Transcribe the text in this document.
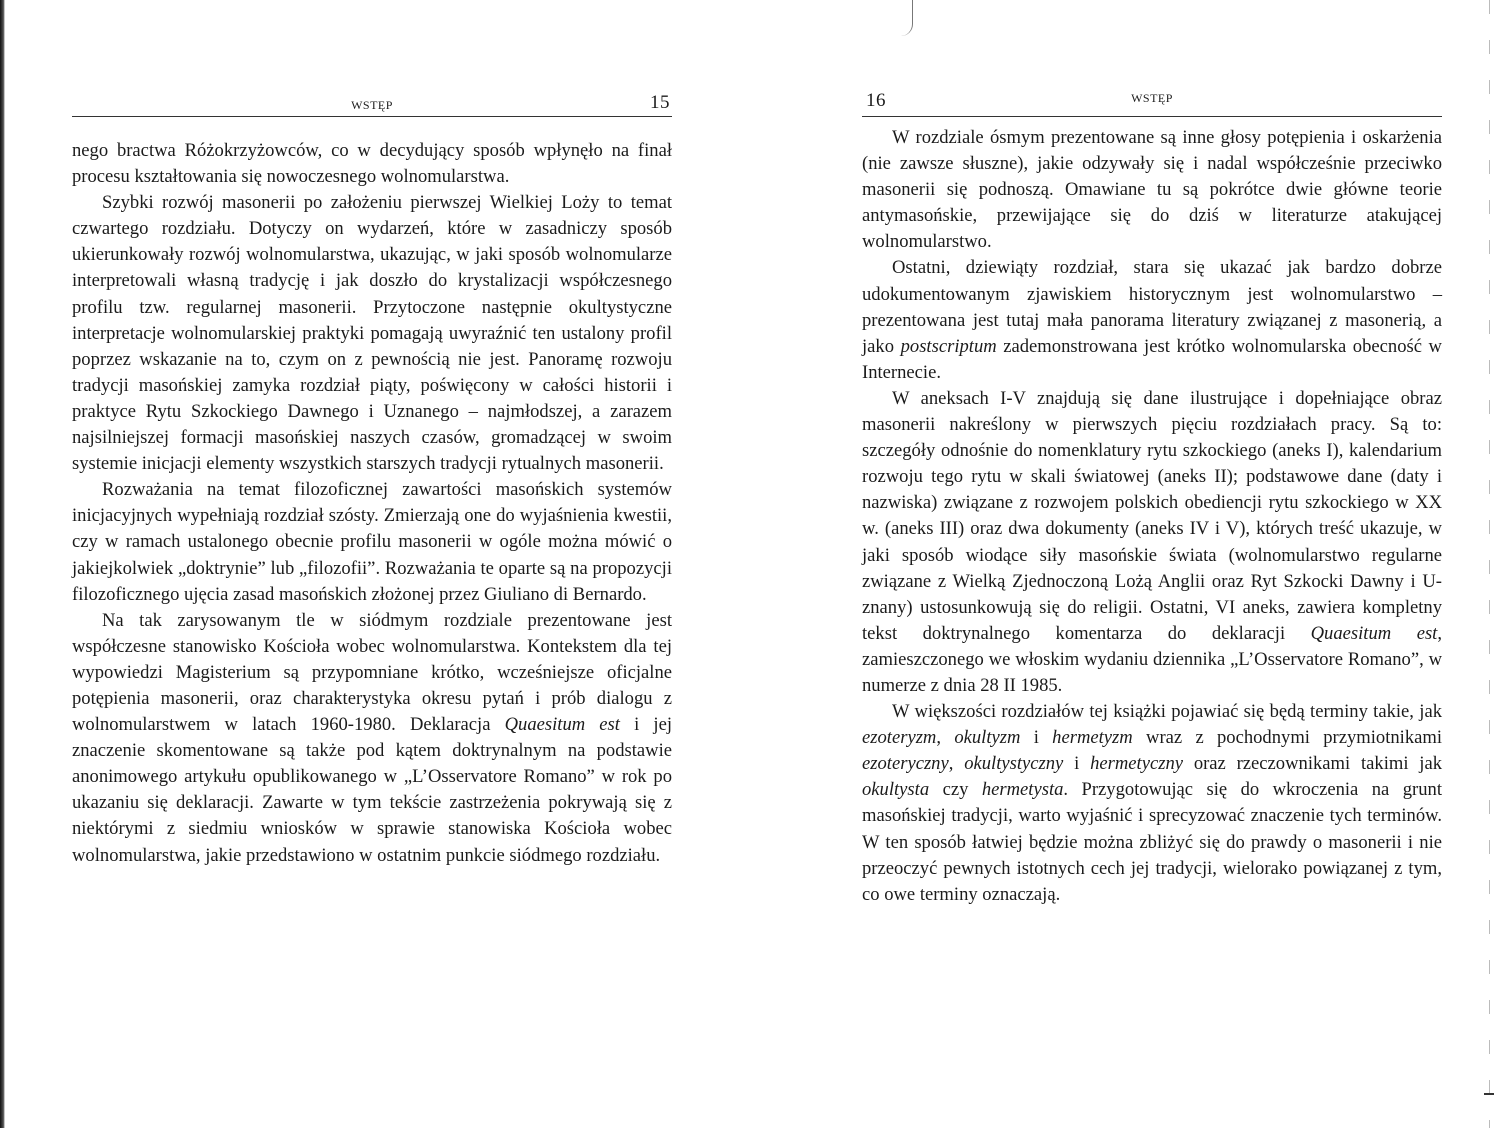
WSTĘP	15

nego bractwa Różokrzyżowców, co w decydujący sposób wpłynęło na finał procesu kształtowania się nowoczesnego wolnomularstwa.

Szybki rozwój masonerii po założeniu pierwszej Wielkiej Loży to temat czwartego rozdziału. Dotyczy on wydarzeń, które w zasadniczy sposób ukierunkowały rozwój wolnomularstwa, ukazując, w jaki sposób wolnomularze interpretowali własną tradycję i jak doszło do krystalizacji współczesnego profilu tzw. regularnej masonerii. Przytoczone następnie okultystyczne interpretacje wolnomularskiej praktyki pomagają uwyraźnić ten ustalony profil poprzez wskazanie na to, czym on z pewnością nie jest. Panoramę rozwoju tradycji masońskiej zamyka rozdział piąty, poświęcony w całości historii i praktyce Rytu Szkockiego Dawnego i Uznanego – najmłodszej, a zarazem najsilniejszej formacji masońskiej naszych czasów, gromadzącej w swoim systemie inicjacji elementy wszystkich starszych tradycji rytualnych masonerii.

Rozważania na temat filozoficznej zawartości masońskich systemów inicjacyjnych wypełniają rozdział szósty. Zmierzają one do wyjaśnienia kwestii, czy w ramach ustalonego obecnie profilu masonerii w ogóle można mówić o jakiejkolwiek „doktrynie” lub „filozofii”. Rozważania te oparte są na propozycji filozoficznego ujęcia zasad masońskich złożonej przez Giuliano di Bernardo.

Na tak zarysowanym tle w siódmym rozdziale prezentowane jest współczesne stanowisko Kościoła wobec wolnomularstwa. Kontekstem dla tej wypowiedzi Magisterium są przypomniane krótko, wcześniejsze oficjalne potępienia masonerii, oraz charakterystyka okresu pytań i prób dialogu z wolnomularstwem w latach 1960-1980. Deklaracja Quaesitum est i jej znaczenie skomentowane są także pod kątem doktrynalnym na podstawie anonimowego artykułu opublikowanego w „L’Osservatore Romano” w rok po ukazaniu się deklaracji. Zawarte w tym tekście zastrzeżenia pokrywają się z niektórymi z siedmiu wniosków w sprawie stanowiska Kościoła wobec wolnomularstwa, jakie przedstawiono w ostatnim punkcie siódmego rozdziału.

16	WSTĘP

W rozdziale ósmym prezentowane są inne głosy potępienia i oskarżenia (nie zawsze słuszne), jakie odzywały się i nadal współcześnie przeciwko masonerii się podnoszą. Omawiane tu są pokrótce dwie główne teorie antymasońskie, przewijające się do dziś w literaturze atakującej wolnomularstwo.

Ostatni, dziewiąty rozdział, stara się ukazać jak bardzo dobrze udokumentowanym zjawiskiem historycznym jest wolnomularstwo – prezentowana jest tutaj mała panorama literatury związanej z masonerią, a jako postscriptum zademonstrowana jest krótko wolnomularska obecność w Internecie.

W aneksach I-V znajdują się dane ilustrujące i dopełniające obraz masonerii nakreślony w pierwszych pięciu rozdziałach pracy. Są to: szczegóły odnośnie do nomenklatury rytu szkockiego (aneks I), kalendarium rozwoju tego rytu w skali światowej (aneks II); podstawowe dane (daty i nazwiska) związane z rozwojem polskich obediencji rytu szkockiego w XX w. (aneks III) oraz dwa dokumenty (aneks IV i V), których treść ukazuje, w jaki sposób wiodące siły masońskie świata (wolnomularstwo regularne związane z Wielką Zjednoczoną Lożą Anglii oraz Ryt Szkocki Dawny i Uznany) ustosunkowują się do religii. Ostatni, VI aneks, zawiera kompletny tekst doktrynalnego komentarza do deklaracji Quaesitum est, zamieszczonego we włoskim wydaniu dziennika „L’Osservatore Romano”, w numerze z dnia 28 II 1985.

W większości rozdziałów tej książki pojawiać się będą terminy takie, jak ezoteryzm, okultyzm i hermetyzm wraz z pochodnymi przymiotnikami ezoteryczny, okultystyczny i hermetyczny oraz rzeczownikami takimi jak okultysta czy hermetysta. Przygotowując się do wkroczenia na grunt masońskiej tradycji, warto wyjaśnić i sprecyzować znaczenie tych terminów. W ten sposób łatwiej będzie można zbliżyć się do prawdy o masonerii i nie przeoczyć pewnych istotnych cech jej tradycji, wielorako powiązanej z tym, co owe terminy oznaczają.
